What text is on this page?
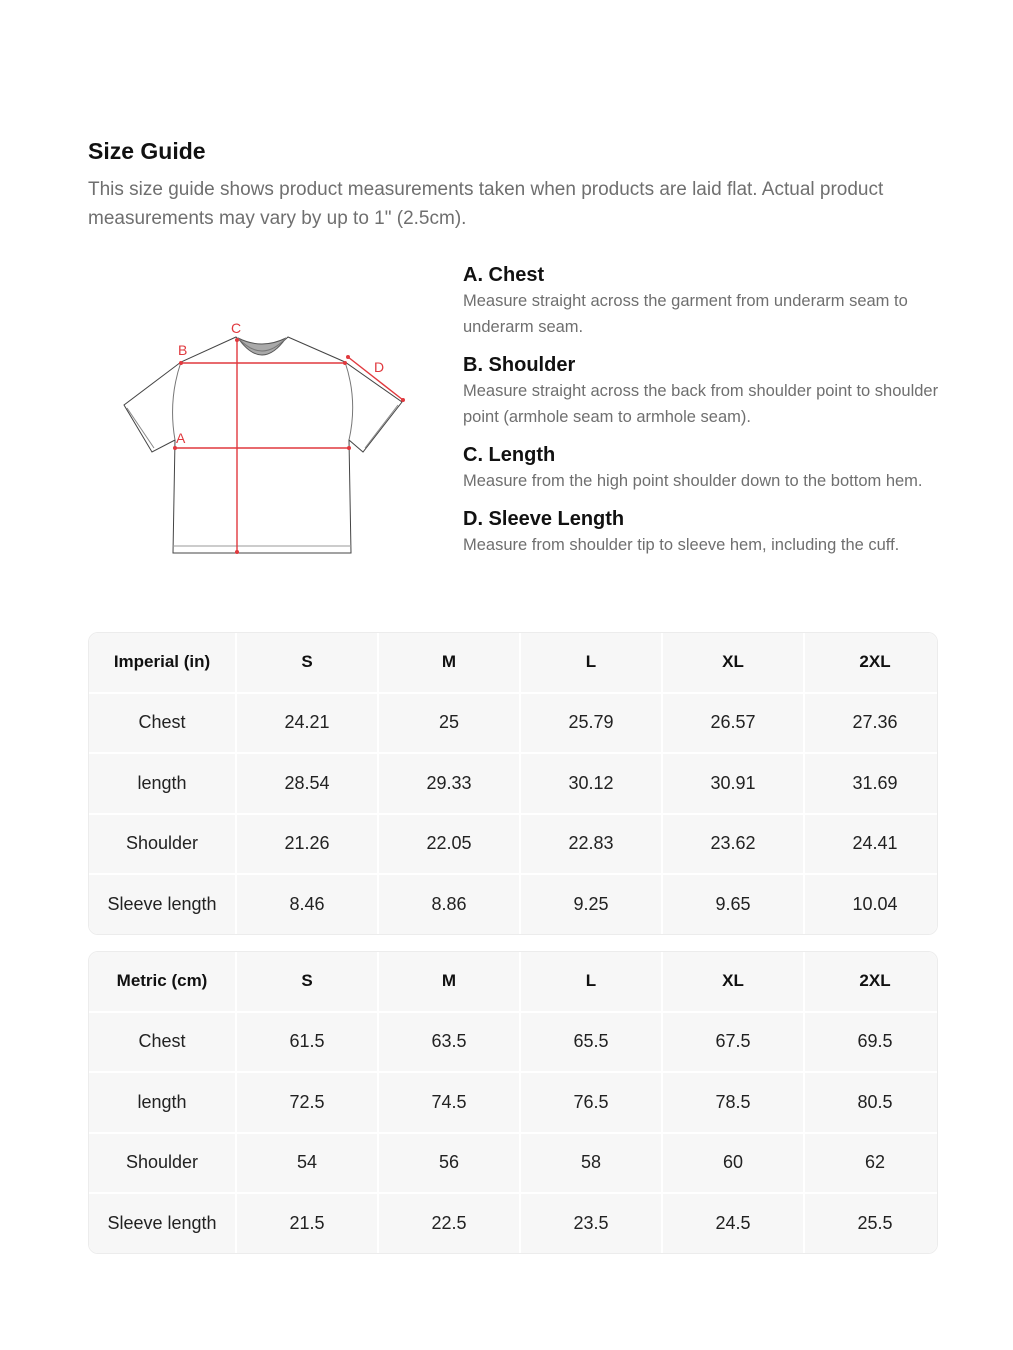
Size Guide
This size guide shows product measurements taken when products are laid flat. Actual product measurements may vary by up to 1" (2.5cm).
A
B
C
D
A. Chest
Measure straight across the garment from underarm seam to underarm seam.
B. Shoulder
Measure straight across the back from shoulder point to shoulder point (armhole seam to armhole seam).
C. Length
Measure from the high point shoulder down to the bottom hem.
D. Sleeve Length
Measure from shoulder tip to sleeve hem, including the cuff.
Imperial (in)	S	M	L	XL	2XL
Chest	24.21	25	25.79	26.57	27.36
length	28.54	29.33	30.12	30.91	31.69
Shoulder	21.26	22.05	22.83	23.62	24.41
Sleeve length	8.46	8.86	9.25	9.65	10.04
Metric (cm)	S	M	L	XL	2XL
Chest	61.5	63.5	65.5	67.5	69.5
length	72.5	74.5	76.5	78.5	80.5
Shoulder	54	56	58	60	62
Sleeve length	21.5	22.5	23.5	24.5	25.5
